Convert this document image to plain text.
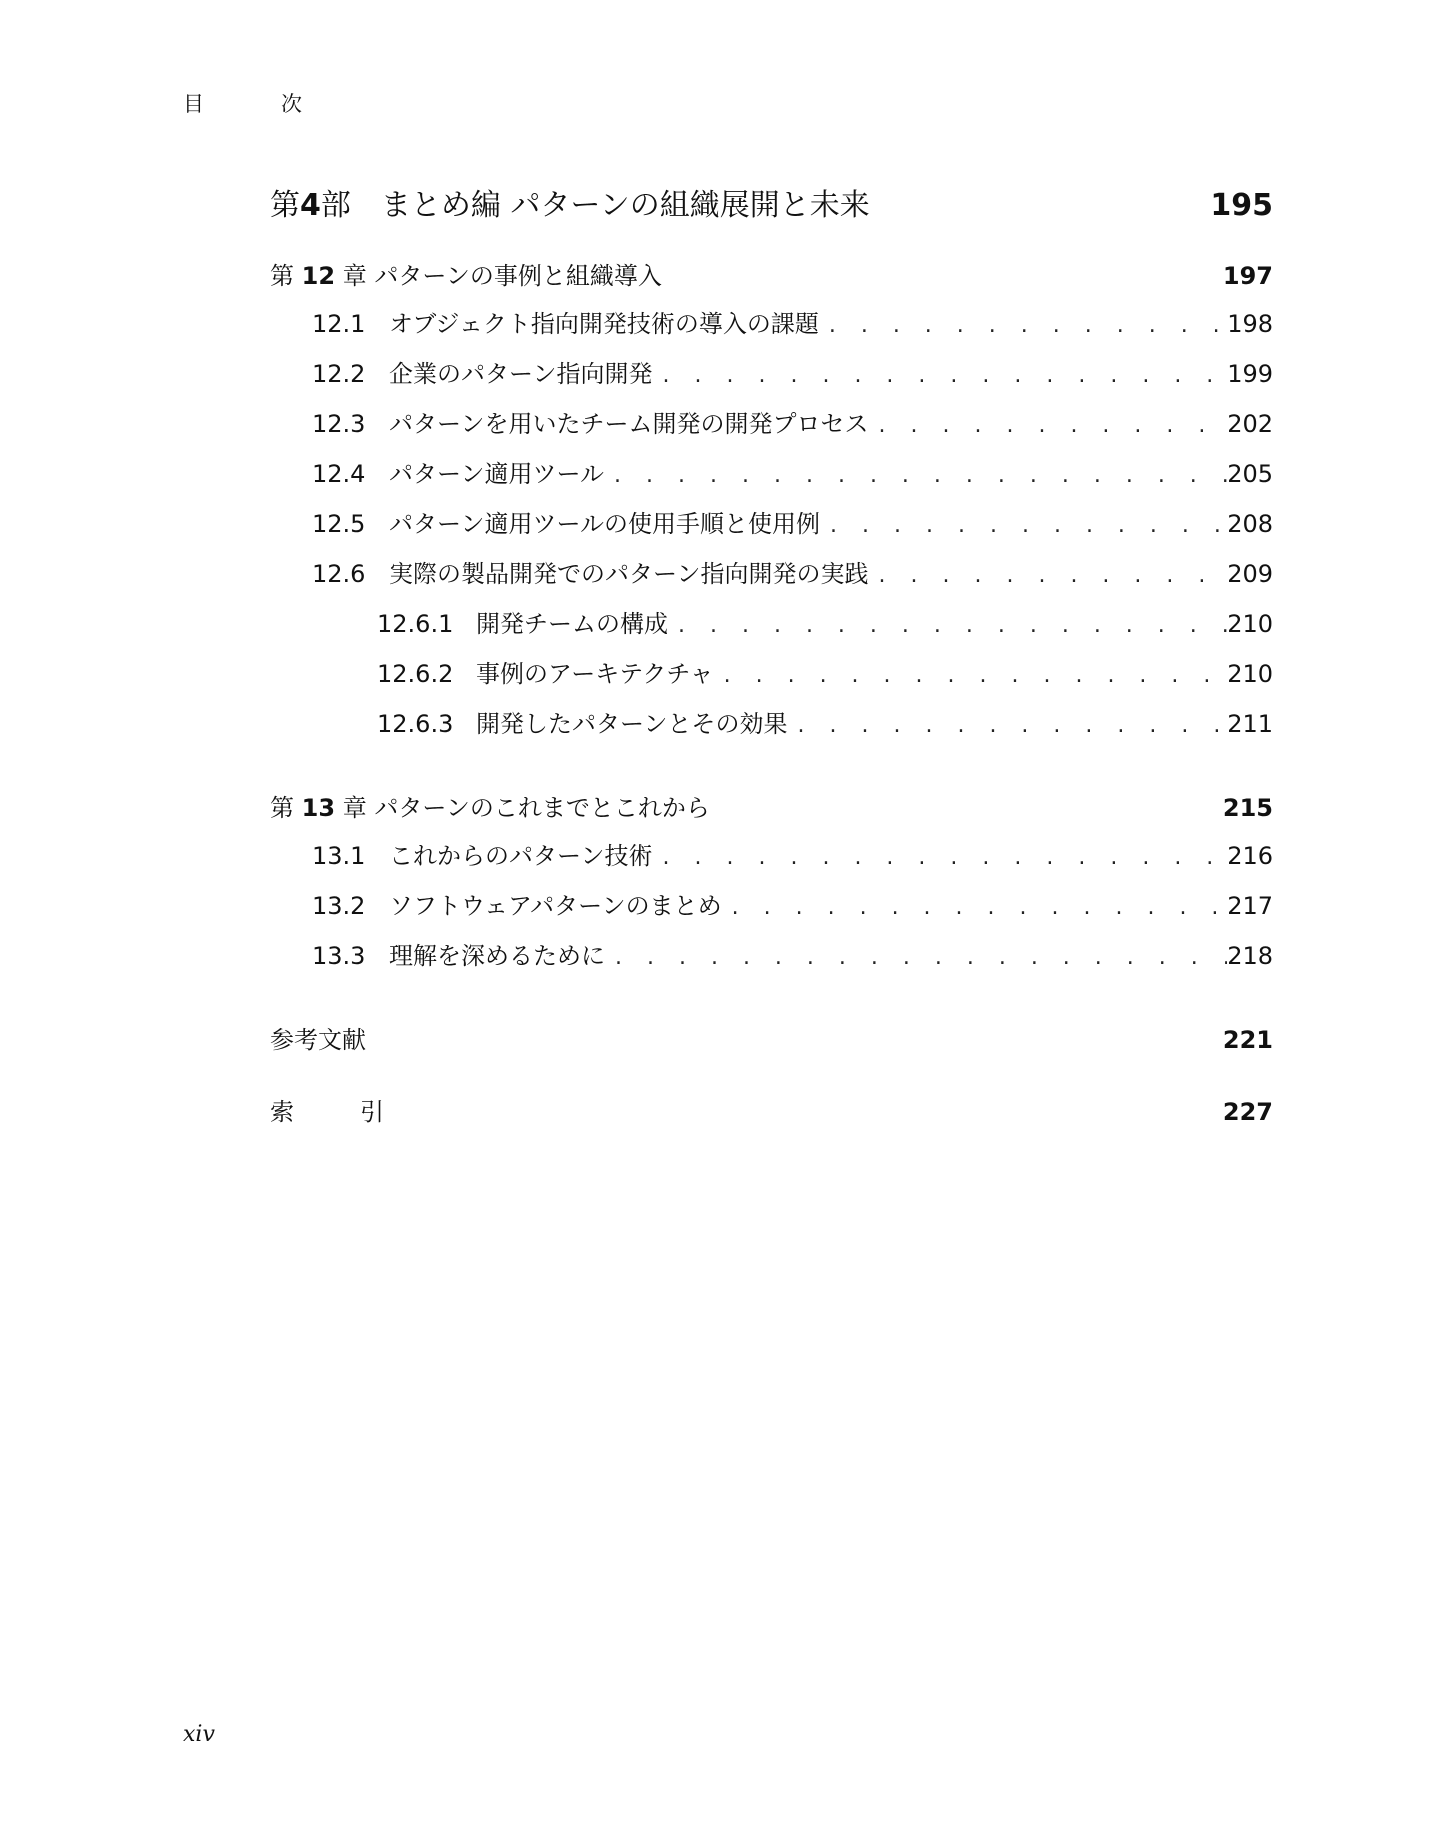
目　次
第4部　まとめ編 パターンの組織展開と未来	195
第 12 章 パターンの事例と組織導入	197
12.1 オブジェクト指向開発技術の導入の課題 . . .	198
12.2 企業のパターン指向開発 . . .	199
12.3 パターンを用いたチーム開発の開発プロセス . . .	202
12.4 パターン適用ツール . . .	205
12.5 パターン適用ツールの使用手順と使用例 . . .	208
12.6 実際の製品開発でのパターン指向開発の実践 . . .	209
12.6.1 開発チームの構成 . . .	210
12.6.2 事例のアーキテクチャ . . .	210
12.6.3 開発したパターンとその効果 . . .	211
第 13 章 パターンのこれまでとこれから	215
13.1 これからのパターン技術 . . .	216
13.2 ソフトウェアパターンのまとめ . . .	217
13.3 理解を深めるために . . .	218
参考文献	221
索　　引	227
xiv
